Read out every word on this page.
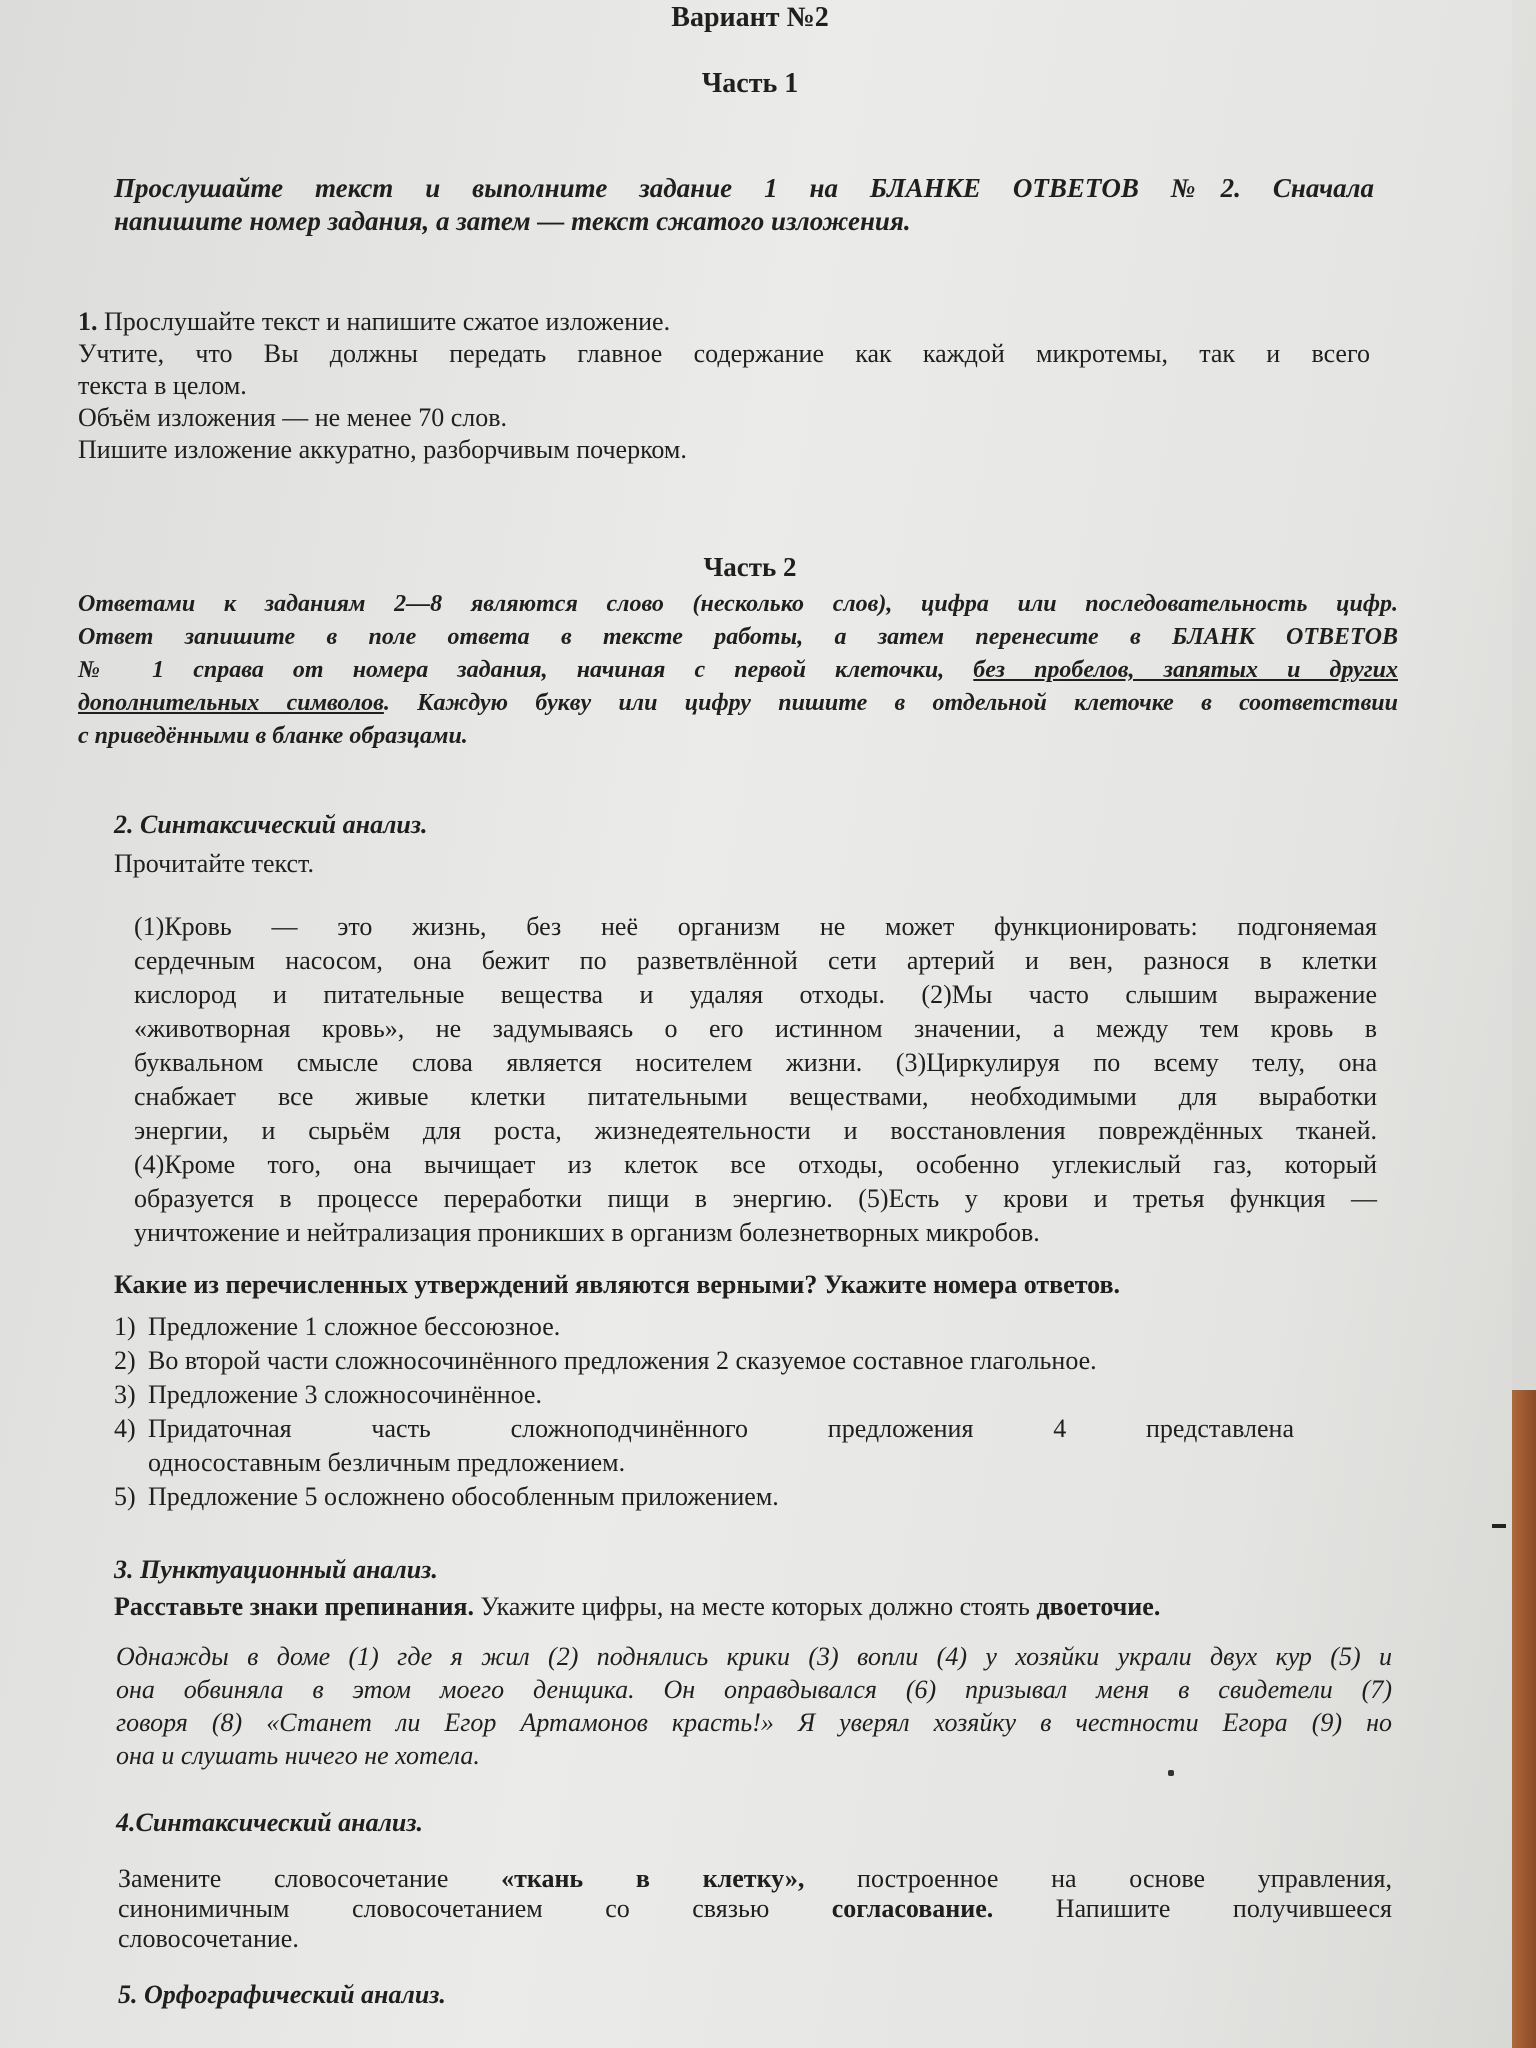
Вариант №2
Часть 1
Прослушайте текст и выполните задание 1 на БЛАНКЕ ОТВЕТОВ №2. Сначала
напишите номер задания, а затем — текст сжатого изложения.
1. Прослушайте текст и напишите сжатое изложение.
Учтите, что Вы должны передать главное содержание как каждой микротемы, так и всего
текста в целом.
Объём изложения — не менее 70 слов.
Пишите изложение аккуратно, разборчивым почерком.
Часть 2
Ответами к заданиям 2—8 являются слово (несколько слов), цифра или последовательность цифр.
Ответ запишите в поле ответа в тексте работы, а затем перенесите в БЛАНК ОТВЕТОВ
№ 1 справа от номера задания, начиная с первой клеточки, без пробелов, запятых и других
дополнительных символов. Каждую букву или цифру пишите в отдельной клеточке в соответствии
с приведёнными в бланке образцами.
2. Синтаксический анализ.
Прочитайте текст.
(1)Кровь — это жизнь, без неё организм не может функционировать: подгоняемая
сердечным насосом, она бежит по разветвлённой сети артерий и вен, разнося в клетки
кислород и питательные вещества и удаляя отходы. (2)Мы часто слышим выражение
«животворная кровь», не задумываясь о его истинном значении, а между тем кровь в
буквальном смысле слова является носителем жизни. (3)Циркулируя по всему телу, она
снабжает все живые клетки питательными веществами, необходимыми для выработки
энергии, и сырьём для роста, жизнедеятельности и восстановления повреждённых тканей.
(4)Кроме того, она вычищает из клеток все отходы, особенно углекислый газ, который
образуется в процессе переработки пищи в энергию. (5)Есть у крови и третья функция —
уничтожение и нейтрализация проникших в организм болезнетворных микробов.
Какие из перечисленных утверждений являются верными? Укажите номера ответов.
1) Предложение 1 сложное бессоюзное.
2) Во второй части сложносочинённого предложения 2 сказуемое составное глагольное.
3) Предложение 3 сложносочинённое.
4) Придаточная часть сложноподчинённого предложения 4 представлена
односоставным безличным предложением.
5) Предложение 5 осложнено обособленным приложением.
3. Пунктуационный анализ.
Расставьте знаки препинания. Укажите цифры, на месте которых должно стоять двоеточие.
Однажды в доме (1) где я жил (2) поднялись крики (3) вопли (4) у хозяйки украли двух кур (5) и
она обвиняла в этом моего денщика. Он оправдывался (6) призывал меня в свидетели (7)
говоря (8) «Станет ли Егор Артамонов красть!» Я уверял хозяйку в честности Егора (9) но
она и слушать ничего не хотела.
4.Синтаксический анализ.
Замените словосочетание «ткань в клетку», построенное на основе управления,
синонимичным словосочетанием со связью согласование. Напишите получившееся
словосочетание.
5. Орфографический анализ.
